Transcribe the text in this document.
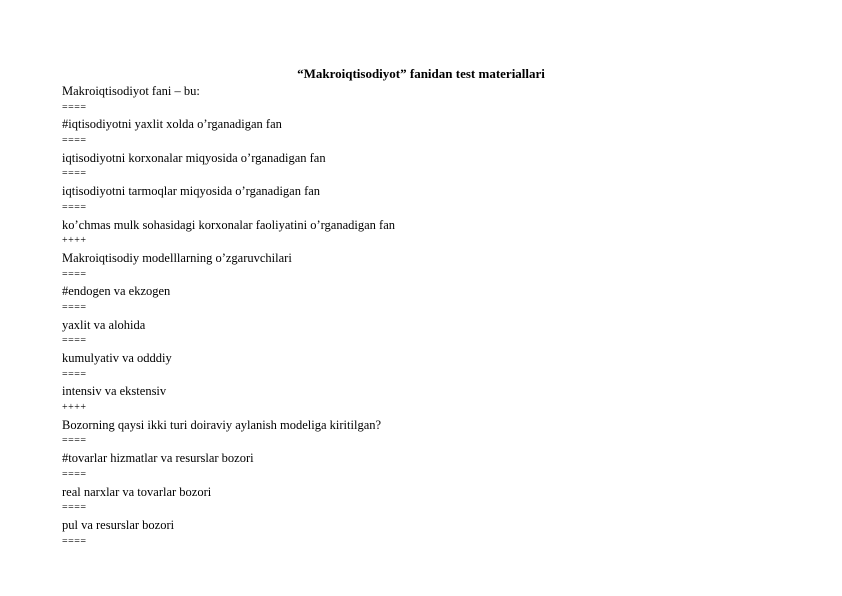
“Makroiqtisodiyot” fanidan test materiallari
Makroiqtisodiyot fani – bu:
====
#iqtisodiyotni yaxlit xolda o’rganadigan fan
====
iqtisodiyotni korxonalar miqyosida o’rganadigan fan
====
iqtisodiyotni tarmoqlar miqyosida o’rganadigan fan
====
ko’chmas mulk sohasidagi korxonalar faoliyatini o’rganadigan fan
++++
Makroiqtisodiy modelllarning o’zgaruvchilari
====
#endogen va ekzogen
====
yaxlit va alohida
====
kumulyativ va odddiy
====
intensiv va ekstensiv
++++
Bozorning qaysi ikki turi doiraviy aylanish modeliga kiritilgan?
====
#tovarlar hizmatlar va resurslar bozori
====
real narxlar va tovarlar bozori
====
pul va resurslar bozori
====
